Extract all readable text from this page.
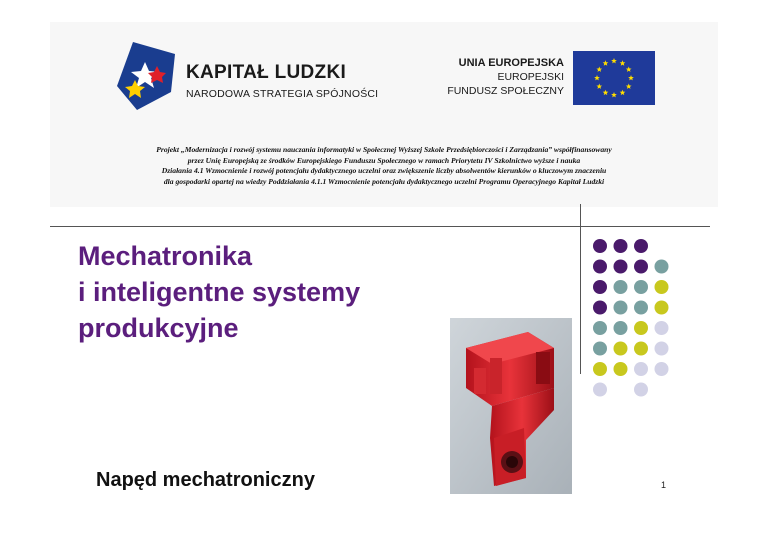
KAPITAŁ LUDZKI
NARODOWA STRATEGIA SPÓJNOŚCI
UNIA EUROPEJSKA
EUROPEJSKI
FUNDUSZ SPOŁECZNY
Projekt „Modernizacja i rozwój systemu nauczania informatyki w Społecznej Wyższej Szkole Przedsiębiorczości i Zarządzania” współfinansowany
przez Unię Europejską ze środków Europejskiego Funduszu Społecznego w ramach Priorytetu IV Szkolnictwo wyższe i nauka
Działania 4.1 Wzmocnienie i rozwój potencjału dydaktycznego uczelni oraz zwiększenie liczby absolwentów kierunków o kluczowym znaczeniu
dla gospodarki opartej na wiedzy Poddziałania 4.1.1 Wzmocnienie potencjału dydaktycznego uczelni Programu Operacyjnego Kapitał Ludzki
Mechatronika
i inteligentne systemy
produkcyjne
Napęd mechatroniczny	1
